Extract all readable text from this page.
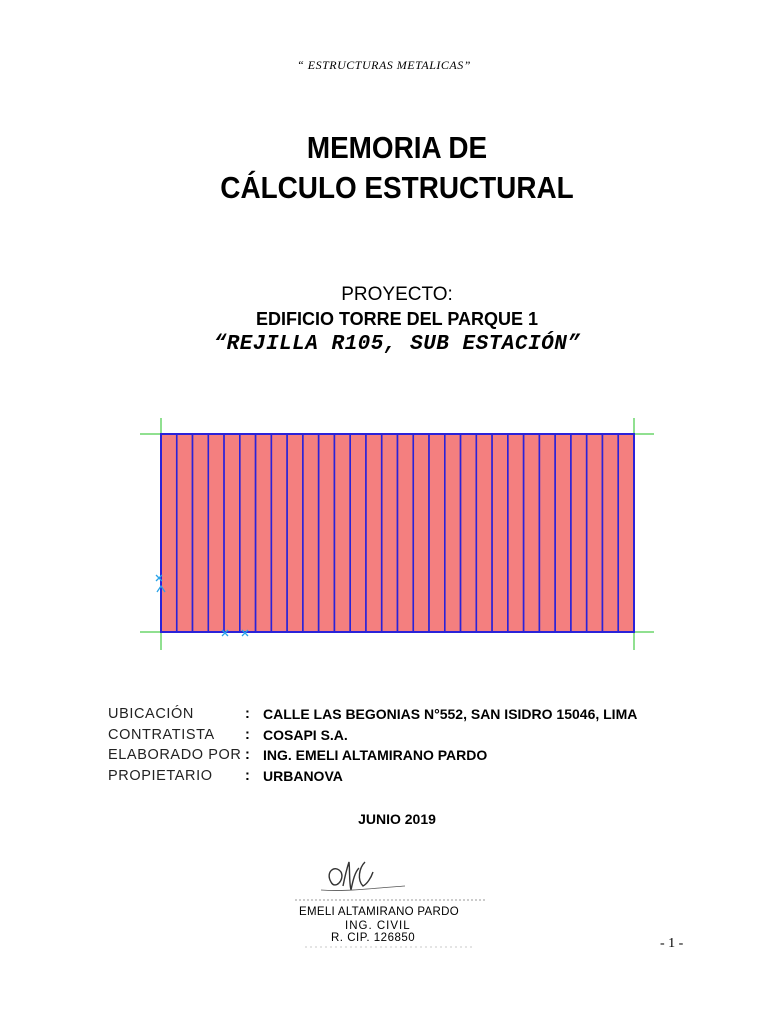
“ ESTRUCTURAS METALICAS”
MEMORIA DE
CÁLCULO ESTRUCTURAL
PROYECTO:
EDIFICIO TORRE DEL PARQUE 1
“REJILLA R105, SUB ESTACIÓN”
UBICACIÓN	: CALLE LAS BEGONIAS N°552, SAN ISIDRO 15046, LIMA
CONTRATISTA : COSAPI S.A.
ELABORADO POR : ING. EMELI ALTAMIRANO PARDO
PROPIETARIO : URBANOVA
JUNIO 2019
EMELI ALTAMIRANO PARDO
ING. CIVIL
R. CIP. 126850	- 1 -
